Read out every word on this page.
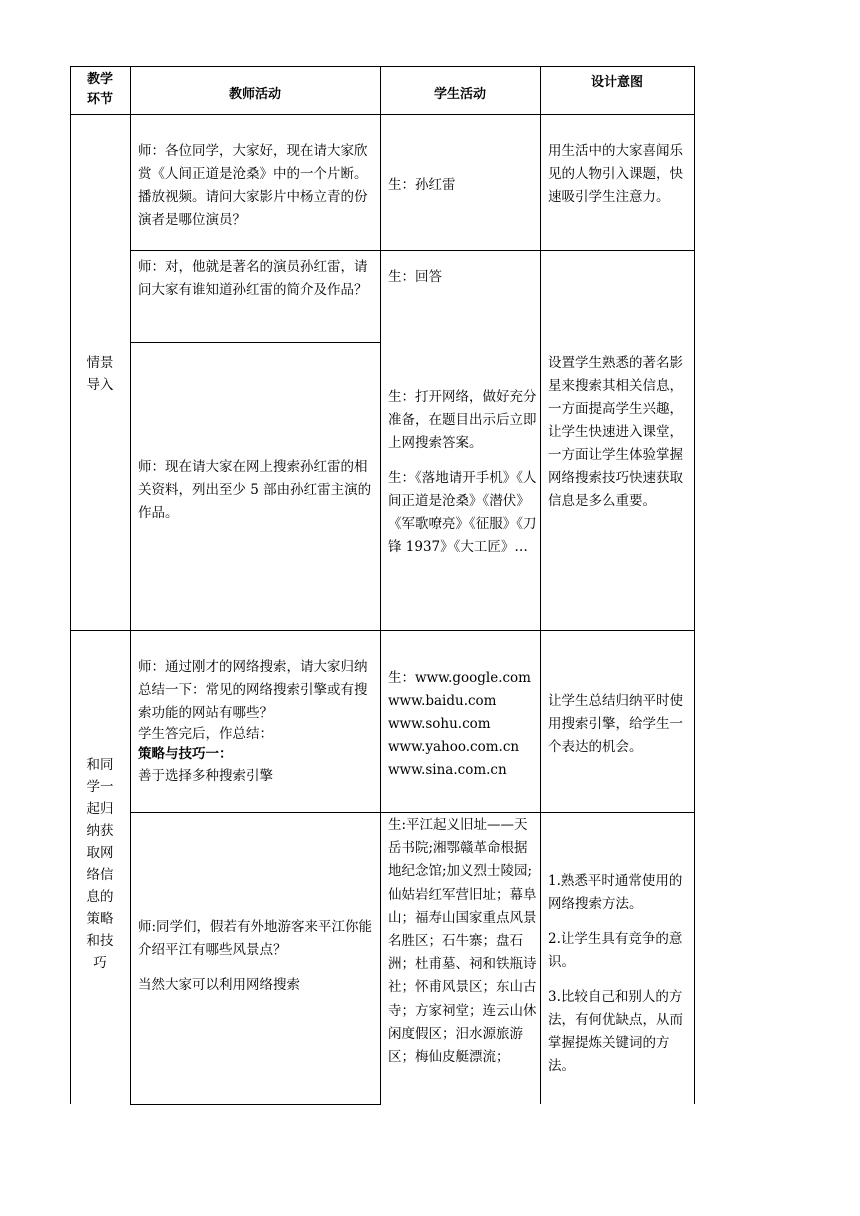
教学
环节	教师活动	学生活动
设计意图
情景
导入
师：各位同学，大家好，现在请大家欣赏《人间正道是沧桑》中的一个片断。播放视频。请问大家影片中杨立青的份演者是哪位演员？
生：孙红雷
用生活中的大家喜闻乐见的人物引入课题，快速吸引学生注意力。
师：对，他就是著名的演员孙红雷，请问大家有谁知道孙红雷的简介及作品？
生：回答
师：现在请大家在网上搜索孙红雷的相关资料，列出至少 5 部由孙红雷主演的作品。

生：打开网络，做好充分准备，在题目出示后立即上网搜索答案。

生：《落地请开手机》《人间正道是沧桑》《潜伏》《军歌嘹亮》《征服》《刀锋 1937》《大工匠》…

设置学生熟悉的著名影星来搜索其相关信息，一方面提高学生兴趣，让学生快速进入课堂，一方面让学生体验掌握网络搜索技巧快速获取信息是多么重要。
和同
学一
起归
纳获
取网
络信
息的
策略
和技
巧

师：通过刚才的网络搜索，请大家归纳总结一下：常见的网络搜索引擎或有搜索功能的网站有哪些？

学生答完后，作总结：

策略与技巧一：

善于选择多种搜索引擎

生：www.google.com

www.baidu.com

www.sohu.com

www.yahoo.com.cn

www.sina.com.cn

让学生总结归纳平时使用搜索引擎，给学生一个表达的机会。

师:同学们，假若有外地游客来平江你能介绍平江有哪些风景点？

当然大家可以利用网络搜索

生:平江起义旧址——天岳书院;湘鄂赣革命根据地纪念馆;加义烈士陵园;仙姑岩红军营旧址；幕阜山；福寿山国家重点风景名胜区；石牛寨；盘石洲；杜甫墓、祠和铁瓶诗社；怀甫风景区；东山古寺；方家祠堂；连云山休闲度假区；汨水源旅游区；梅仙皮艇漂流；

1.熟悉平时通常使用的网络搜索方法。

2.让学生具有竞争的意识。

3.比较自己和别人的方法，有何优缺点，从而掌握提炼关键词的方法。
